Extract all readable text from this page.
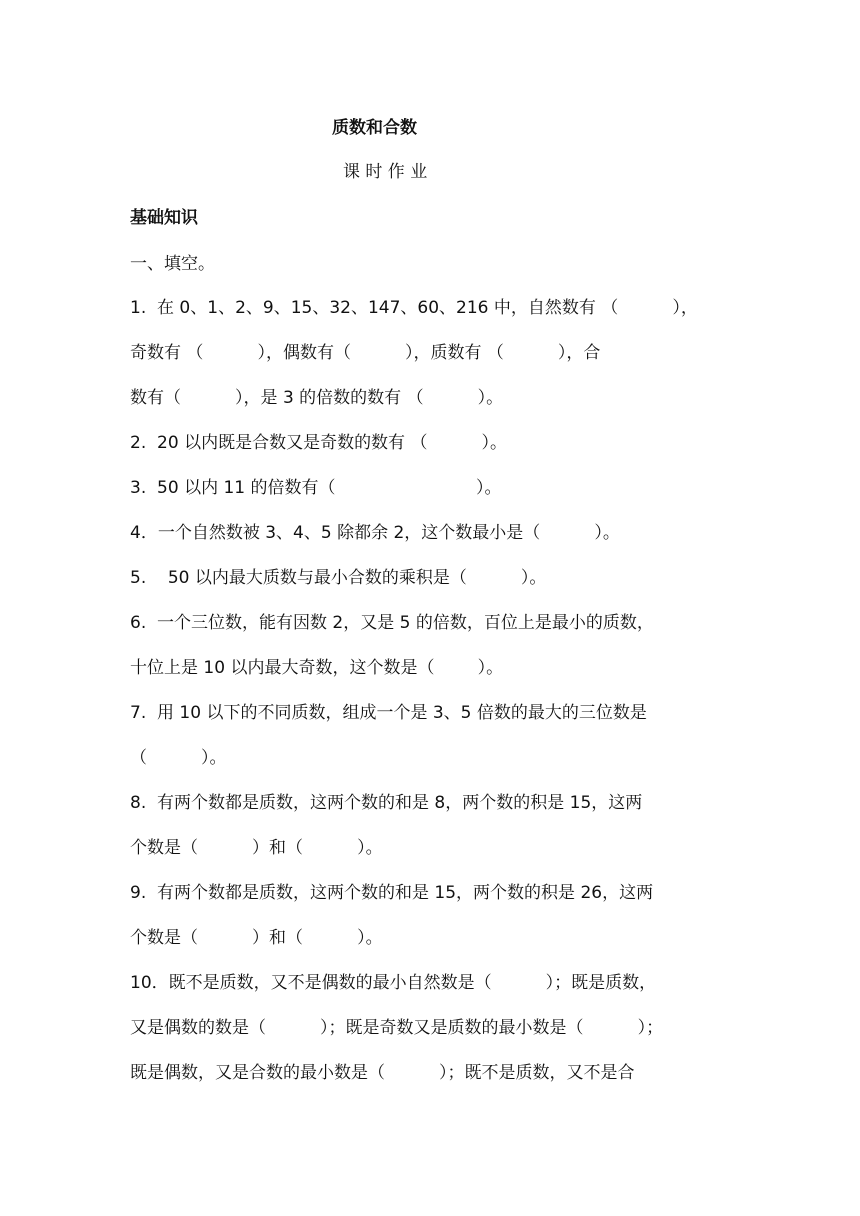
质数和合数
课 时 作 业
基础知识
一、填空。
1.  在 0、1、2、9、15、32、147、60、216 中，自然数有 （          ），
奇数有 （          ），偶数有（          ），质数有 （          ），合
数有（          ），是 3 的倍数的数有 （          ）。
2.  20 以内既是合数又是奇数的数有 （          ）。
3.  50 以内 11 的倍数有（                          ）。
4．一个自然数被 3、4、5 除都余 2，这个数最小是（          ）。
5.    50 以内最大质数与最小合数的乘积是（          ）。
6.  一个三位数，能有因数 2，又是 5 的倍数，百位上是最小的质数，
十位上是 10 以内最大奇数，这个数是（        ）。
7.  用 10 以下的不同质数，组成一个是 3、5 倍数的最大的三位数是
（          ）。
8.  有两个数都是质数，这两个数的和是 8，两个数的积是 15，这两
个数是（          ）和（          ）。
9.  有两个数都是质数，这两个数的和是 15，两个数的积是 26，这两
个数是（          ）和（          ）。
10．既不是质数，又不是偶数的最小自然数是（          ）；既是质数，
又是偶数的数是（          ）；既是奇数又是质数的最小数是（          ）；
既是偶数，又是合数的最小数是（          ）；既不是质数，又不是合
